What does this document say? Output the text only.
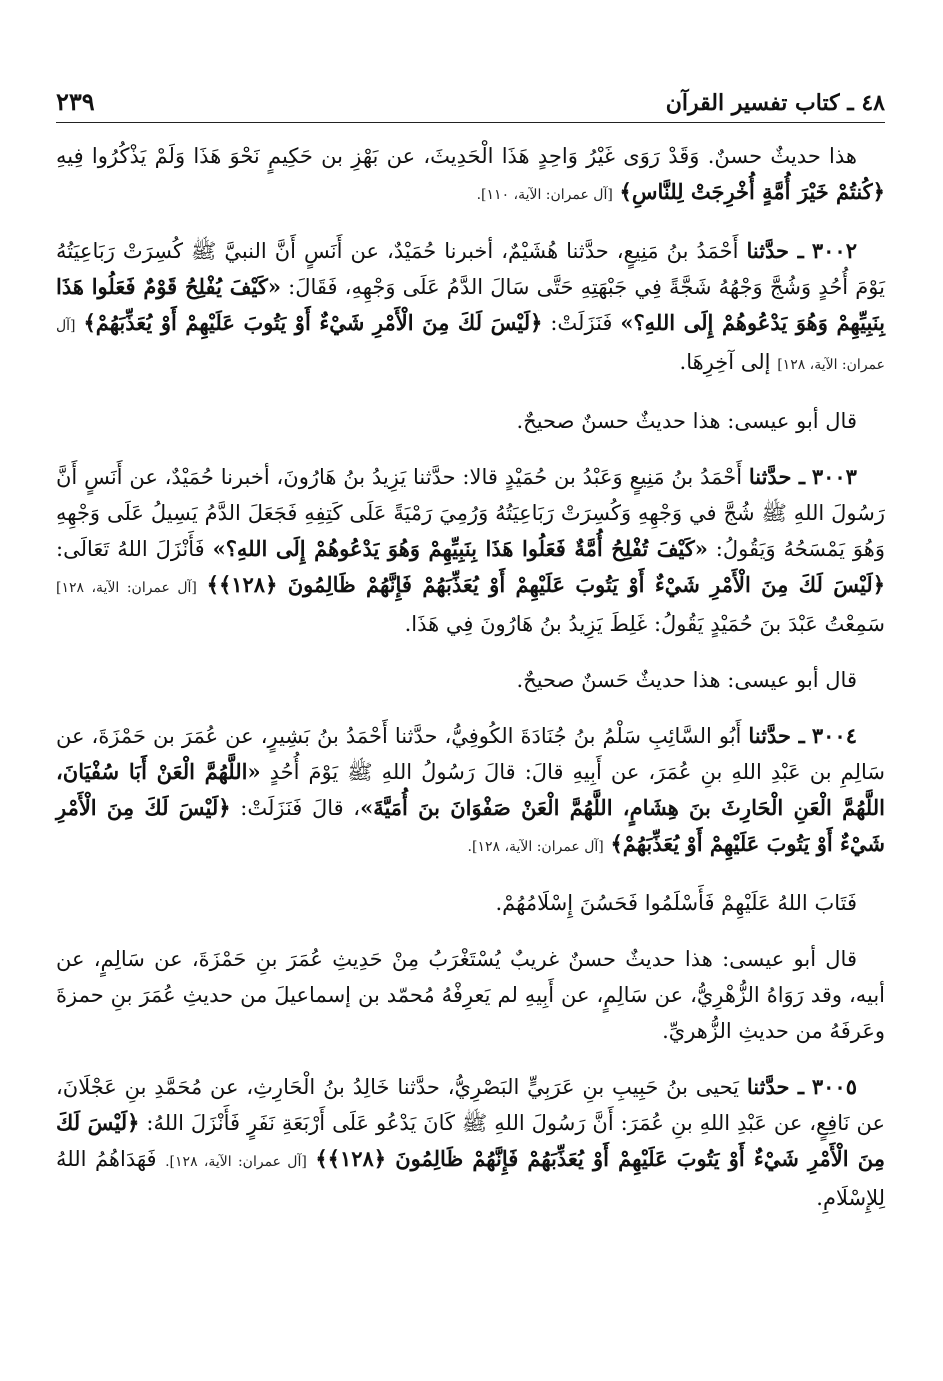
٤٨ ـ كتاب تفسير القرآن
٢٣٩

هذا حديثٌ حسنٌ. وَقَدْ رَوَى غَيْرُ وَاحِدٍ هَذَا الْحَدِيثَ، عن بَهْزِ بن حَكِيمٍ نَحْوَ هَذَا وَلَمْ يَذْكُرُوا فِيهِ ﴿كُنتُمْ خَيْرَ أُمَّةٍ أُخْرِجَتْ لِلنَّاسِ﴾ [آل عمران: الآية، ١١٠].

٣٠٠٢ ـ حدَّثنا أَحْمَدُ بنُ مَنِيعٍ، حدَّثنا هُشَيْمٌ، أخبرنا حُمَيْدٌ، عن أَنَسٍ أَنَّ النبيَّ ﷺ كُسِرَتْ رَبَاعِيَتُهُ يَوْمَ أُحُدٍ وَشُجَّ وَجْهُهُ شَجَّةً فِي جَبْهَتِهِ حَتَّى سَالَ الدَّمُ عَلَى وَجْهِهِ، فَقَالَ: «كَيْفَ يُفْلِحُ قَوْمٌ فَعَلُوا هَذَا بِنَبِيِّهِمْ وَهُوَ يَدْعُوهُمْ إِلَى اللهِ؟» فَنَزَلَتْ: ﴿لَيْسَ لَكَ مِنَ الْأَمْرِ شَيْءٌ أَوْ يَتُوبَ عَلَيْهِمْ أَوْ يُعَذِّبَهُمْ﴾ [آل عمران: الآية، ١٢٨] إلى آخِرِهَا.

قال أبو عيسى: هذا حديثٌ حسنٌ صحيحٌ.

٣٠٠٣ ـ حدَّثنا أَحْمَدُ بنُ مَنِيعٍ وَعَبْدُ بن حُمَيْدٍ قالا: حدَّثنا يَزِيدُ بنُ هَارُونَ، أخبرنا حُمَيْدٌ، عن أَنَسٍ أَنَّ رَسُولَ اللهِ ﷺ شُجَّ في وَجْهِهِ وَكُسِرَتْ رَبَاعِيَتُهُ وَرُمِيَ رَمْيَةً عَلَى كَتِفِهِ فَجَعَلَ الدَّمُ يَسِيلُ عَلَى وَجْهِهِ وَهُوَ يَمْسَحُهُ وَيَقُولُ: «كَيْفَ تُفْلِحُ أُمَّةٌ فَعَلُوا هَذَا بِنَبِيِّهِمْ وَهُوَ يَدْعُوهُمْ إِلَى اللهِ؟» فَأَنْزَلَ اللهُ تَعَالَى: ﴿لَيْسَ لَكَ مِنَ الْأَمْرِ شَيْءٌ أَوْ يَتُوبَ عَلَيْهِمْ أَوْ يُعَذِّبَهُمْ فَإِنَّهُمْ ظَالِمُونَ ﴿١٢٨﴾﴾ [آل عمران: الآية، ١٢٨] سَمِعْتُ عَبْدَ بنَ حُمَيْدٍ يَقُولُ: غَلِطَ يَزِيدُ بنُ هَارُونَ فِي هَذَا.

قال أبو عيسى: هذا حديثٌ حَسنٌ صحيحٌ.

٣٠٠٤ ـ حدَّثنا أَبُو السَّائِبِ سَلْمُ بنُ جُنَادَةَ الكُوفِيُّ، حدَّثنا أَحْمَدُ بنُ بَشِيرٍ، عن عُمَرَ بن حَمْزَةَ، عن سَالِمِ بن عَبْدِ اللهِ بنِ عُمَرَ، عن أَبِيهِ قالَ: قالَ رَسُولُ اللهِ ﷺ يَوْمَ أُحُدٍ «اللَّهُمَّ الْعَنْ أَبَا سُفْيَانَ، اللَّهُمَّ الْعَنِ الْحَارِثَ بنَ هِشَامٍ، اللَّهُمَّ الْعَنْ صَفْوَانَ بنَ أُمَيَّةَ»، قالَ فَنَزَلَتْ: ﴿لَيْسَ لَكَ مِنَ الْأَمْرِ شَيْءٌ أَوْ يَتُوبَ عَلَيْهِمْ أَوْ يُعَذِّبَهُمْ﴾ [آل عمران: الآية، ١٢٨].

فَتَابَ اللهُ عَلَيْهِمْ فَأَسْلَمُوا فَحَسُنَ إِسْلَامُهُمْ.

قال أبو عيسى: هذا حديثٌ حسنٌ غريبٌ يُسْتَغْرَبُ مِنْ حَدِيثِ عُمَرَ بنِ حَمْزَةَ، عن سَالِمٍ، عن أبيه، وقد رَوَاهُ الزُّهْرِيُّ، عن سَالِمٍ، عن أَبِيهِ لم يَعرِفْهُ مُحمّد بن إسماعيلَ من حديثِ عُمَرَ بنِ حمزةَ وعَرفَهُ من حديثِ الزُّهريِّ.

٣٠٠٥ ـ حدَّثنا يَحيى بنُ حَبِيبِ بنِ عَرَبِيٍّ البَصْرِيُّ، حدَّثنا خَالِدُ بنُ الْحَارِثِ، عن مُحَمَّدِ بنِ عَجْلَانَ، عن نَافِعٍ، عن عَبْدِ اللهِ بنِ عُمَرَ: أَنَّ رَسُولَ اللهِ ﷺ كَانَ يَدْعُو عَلَى أَرْبَعَةِ نَفَرٍ فَأَنْزَلَ اللهُ: ﴿لَيْسَ لَكَ مِنَ الْأَمْرِ شَيْءٌ أَوْ يَتُوبَ عَلَيْهِمْ أَوْ يُعَذِّبَهُمْ فَإِنَّهُمْ ظَالِمُونَ ﴿١٢٨﴾﴾ [آل عمران: الآية، ١٢٨]. فَهَدَاهُمُ اللهُ لِلإِسْلَامِ.
